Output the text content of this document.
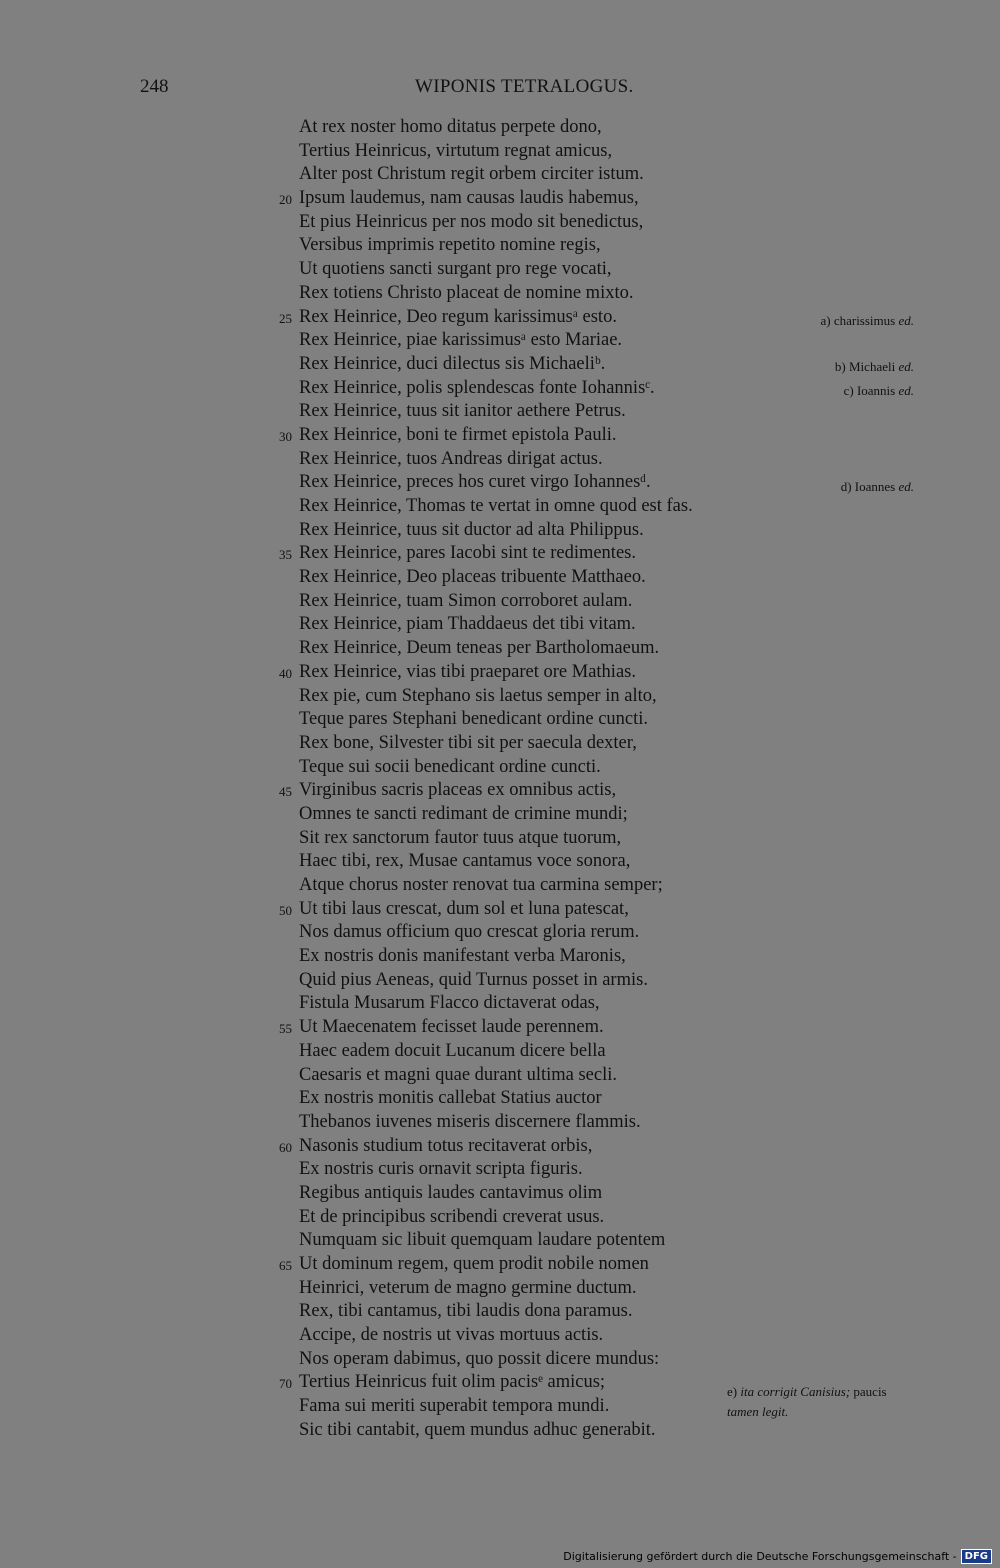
248	WIPONIS TETRALOGUS.
At rex noster homo ditatus perpete dono,
Tertius Heinricus, virtutum regnat amicus,
Alter post Christum regit orbem circiter istum.
20 Ipsum laudemus, nam causas laudis habemus,
Et pius Heinricus per nos modo sit benedictus,
Versibus imprimis repetito nomine regis,
Ut quotiens sancti surgant pro rege vocati,
Rex totiens Christo placeat de nomine mixto.
25 Rex Heinrice, Deo regum karissimusᵃ esto.
Rex Heinrice, piae karissimusᵃ esto Mariae.
Rex Heinrice, duci dilectus sis Michaeliᵇ.
Rex Heinrice, polis splendescas fonte Iohannisᶜ.
Rex Heinrice, tuus sit ianitor aethere Petrus.
30 Rex Heinrice, boni te firmet epistola Pauli.
Rex Heinrice, tuos Andreas dirigat actus.
Rex Heinrice, preces hos curet virgo Iohannesᵈ.
Rex Heinrice, Thomas te vertat in omne quod est fas.
Rex Heinrice, tuus sit ductor ad alta Philippus.
35 Rex Heinrice, pares Iacobi sint te redimentes.
Rex Heinrice, Deo placeas tribuente Matthaeo.
Rex Heinrice, tuam Simon corroboret aulam.
Rex Heinrice, piam Thaddaeus det tibi vitam.
Rex Heinrice, Deum teneas per Bartholomaeum.
40 Rex Heinrice, vias tibi praeparet ore Mathias.
Rex pie, cum Stephano sis laetus semper in alto,
Teque pares Stephani benedicant ordine cuncti.
Rex bone, Silvester tibi sit per saecula dexter,
Teque sui socii benedicant ordine cuncti.
45 Virginibus sacris placeas ex omnibus actis,
Omnes te sancti redimant de crimine mundi;
Sit rex sanctorum fautor tuus atque tuorum,
Haec tibi, rex, Musae cantamus voce sonora,
Atque chorus noster renovat tua carmina semper;
50 Ut tibi laus crescat, dum sol et luna patescat,
Nos damus officium quo crescat gloria rerum.
Ex nostris donis manifestant verba Maronis,
Quid pius Aeneas, quid Turnus posset in armis.
Fistula Musarum Flacco dictaverat odas,
55 Ut Maecenatem fecisset laude perennem.
Haec eadem docuit Lucanum dicere bella
Caesaris et magni quae durant ultima secli.
Ex nostris monitis callebat Statius auctor
Thebanos iuvenes miseris discernere flammis.
60 Nasonis studium totus recitaverat orbis,
Ex nostris curis ornavit scripta figuris.
Regibus antiquis laudes cantavimus olim
Et de principibus scribendi creverat usus.
Numquam sic libuit quemquam laudare potentem
65 Ut dominum regem, quem prodit nobile nomen
Heinrici, veterum de magno germine ductum.
Rex, tibi cantamus, tibi laudis dona paramus.
Accipe, de nostris ut vivas mortuus actis.
Nos operam dabimus, quo possit dicere mundus:
70 Tertius Heinricus fuit olim pacisᵉ amicus;
Fama sui meriti superabit tempora mundi.
Sic tibi cantabit, quem mundus adhuc generabit.
a) charissimus ed.
b) Michaeli ed.
c) Ioannis ed.
d) Ioannes ed.
e) ita corrigit Canisius; paucis
tamen legit.
Digitalisierung gefördert durch die Deutsche Forschungsgemeinschaft - DFG
